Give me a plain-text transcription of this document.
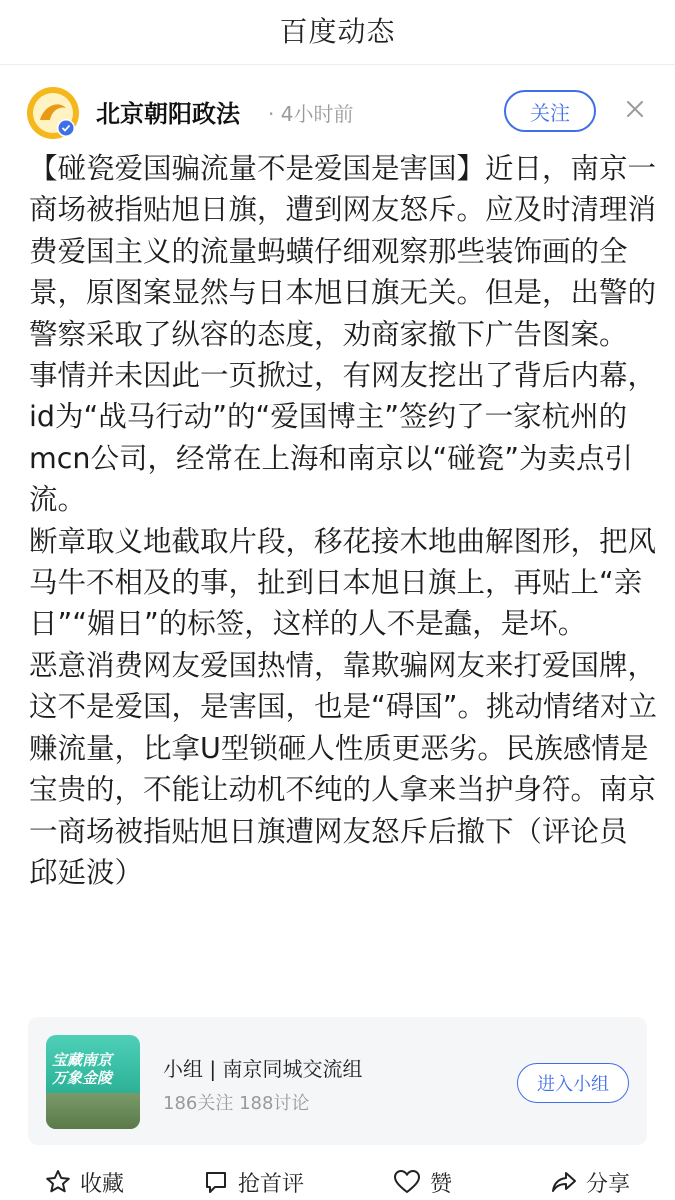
百度动态
北京朝阳政法 · 4小时前	关注

【碰瓷爱国骗流量不是爱国是害国】近日，南京一
商场被指贴旭日旗，遭到网友怒斥。应及时清理消
费爱国主义的流量蚂蟥仔细观察那些装饰画的全
景，原图案显然与日本旭日旗无关。但是，出警的
警察采取了纵容的态度，劝商家撤下广告图案。

事情并未因此一页掀过，有网友挖出了背后内幕，
id为“战马行动”的“爱国博主”签约了一家杭州的
mcn公司，经常在上海和南京以“碰瓷”为卖点引
流。

断章取义地截取片段，移花接木地曲解图形，把风
马牛不相及的事，扯到日本旭日旗上，再贴上“亲
日”“媚日”的标签，这样的人不是蠢，是坏。

恶意消费网友爱国热情，靠欺骗网友来打爱国牌，
这不是爱国，是害国，也是“碍国”。挑动情绪对立
赚流量，比拿U型锁砸人性质更恶劣。民族感情是
宝贵的，不能让动机不纯的人拿来当护身符。南京
一商场被指贴旭日旗遭网友怒斥后撤下（评论员
邱延波）

宝藏南京
万象金陵	小组 | 南京同城交流组
186关注 188讨论
进入小组
收藏	抢首评	赞	分享
